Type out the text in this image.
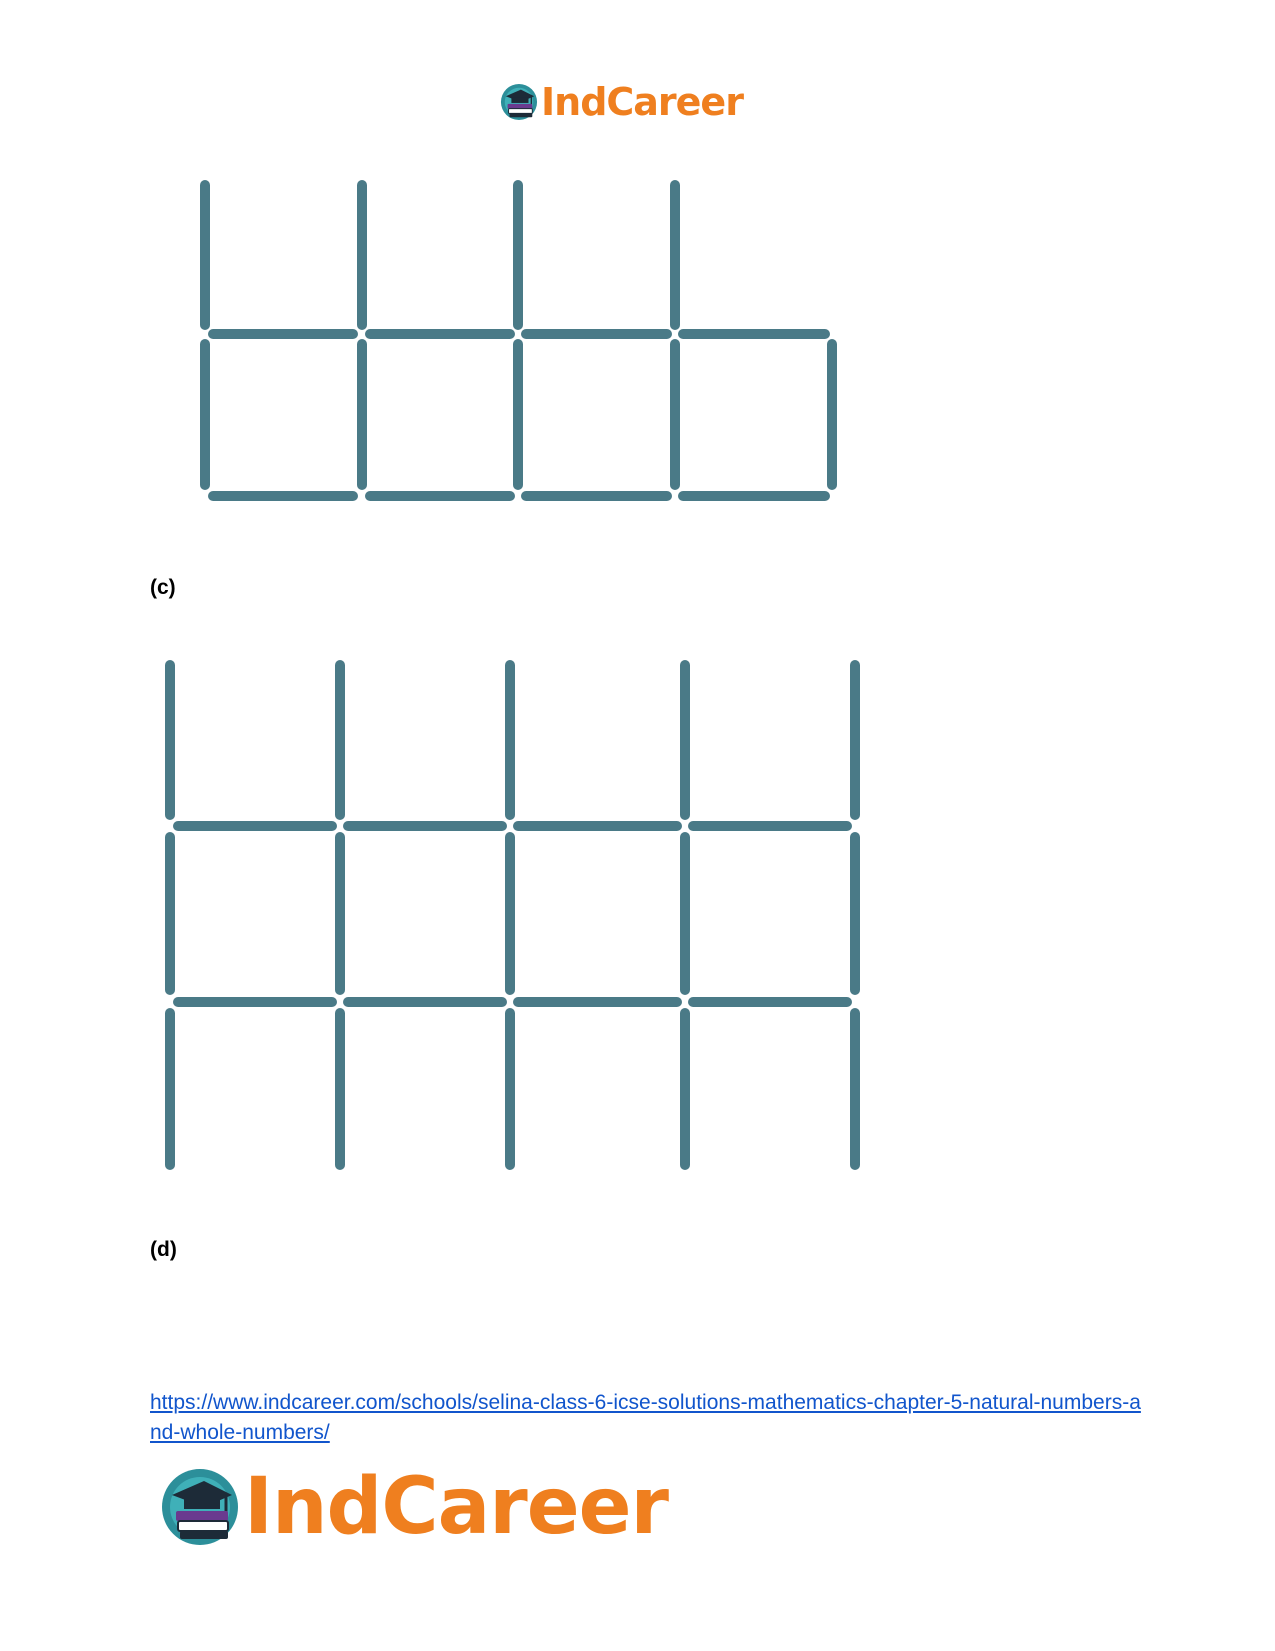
IndCareer
(c)
(d)
https://www.indcareer.com/schools/selina-class-6-icse-solutions-mathematics-chapter-5-natural-numbers-and-whole-numbers/
IndCareer
